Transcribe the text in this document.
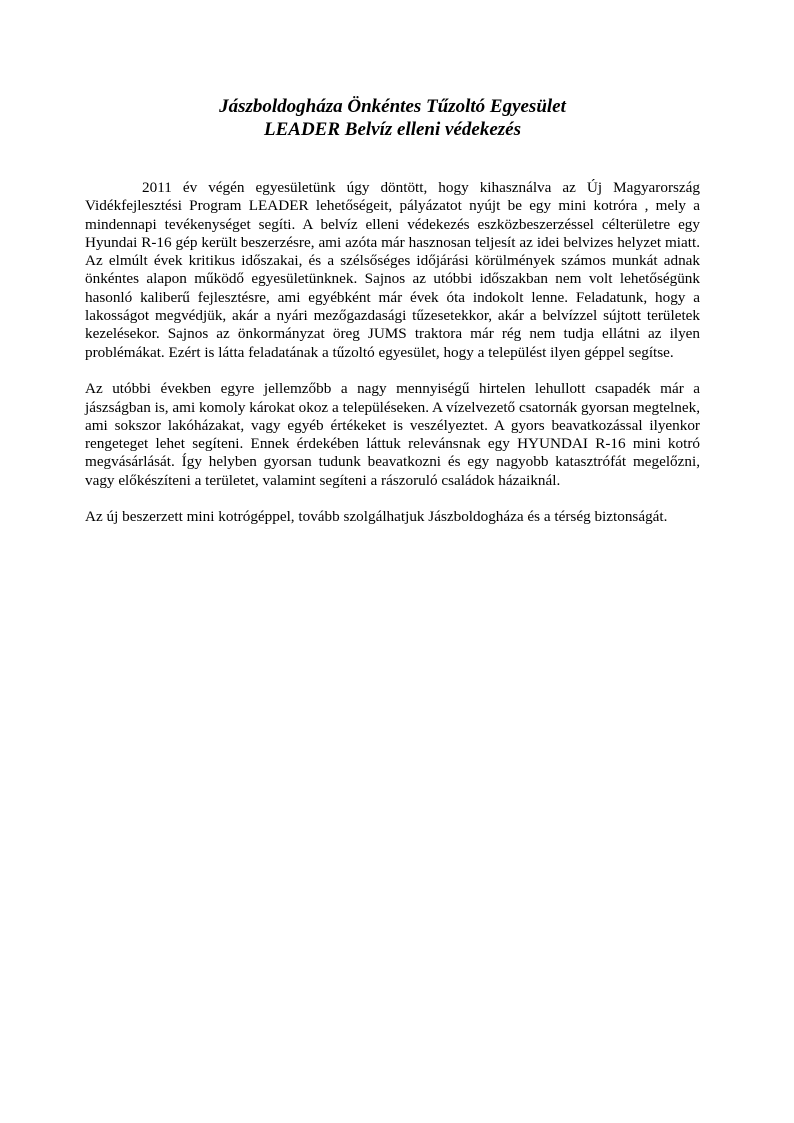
Jászboldogháza Önkéntes Tűzoltó Egyesület
LEADER Belvíz elleni védekezés

2011 év végén egyesületünk úgy döntött, hogy kihasználva az Új Magyarország Vidékfejlesztési Program LEADER lehetőségeit, pályázatot nyújt be egy mini kotróra , mely a mindennapi tevékenységet segíti. A belvíz elleni védekezés eszközbeszerzéssel célterületre egy Hyundai R-16 gép került beszerzésre, ami azóta már hasznosan teljesít az idei belvizes helyzet miatt. Az elmúlt évek kritikus időszakai, és a szélsőséges időjárási körülmények számos munkát adnak önkéntes alapon működő egyesületünknek. Sajnos az utóbbi időszakban nem volt lehetőségünk hasonló kaliberű fejlesztésre, ami egyébként már évek óta indokolt lenne. Feladatunk, hogy a lakosságot megvédjük, akár a nyári mezőgazdasági tűzesetekkor, akár a belvízzel sújtott területek kezelésekor. Sajnos az önkormányzat öreg JUMS traktora már rég nem tudja ellátni az ilyen problémákat. Ezért is látta feladatának a tűzoltó egyesület, hogy a települést ilyen géppel segítse.

Az utóbbi években egyre jellemzőbb a nagy mennyiségű hirtelen lehullott csapadék már a jászságban is, ami komoly károkat okoz a településeken. A vízelvezető csatornák gyorsan megtelnek, ami sokszor lakóházakat, vagy egyéb értékeket is veszélyeztet. A gyors beavatkozással ilyenkor rengeteget lehet segíteni. Ennek érdekében láttuk relevánsnak egy HYUNDAI R-16 mini kotró megvásárlását. Így helyben gyorsan tudunk beavatkozni és egy nagyobb katasztrófát megelőzni, vagy előkészíteni a területet, valamint segíteni a rászoruló családok házaiknál.

Az új beszerzett mini kotrógéppel, tovább szolgálhatjuk Jászboldogháza és a térség biztonságát.
